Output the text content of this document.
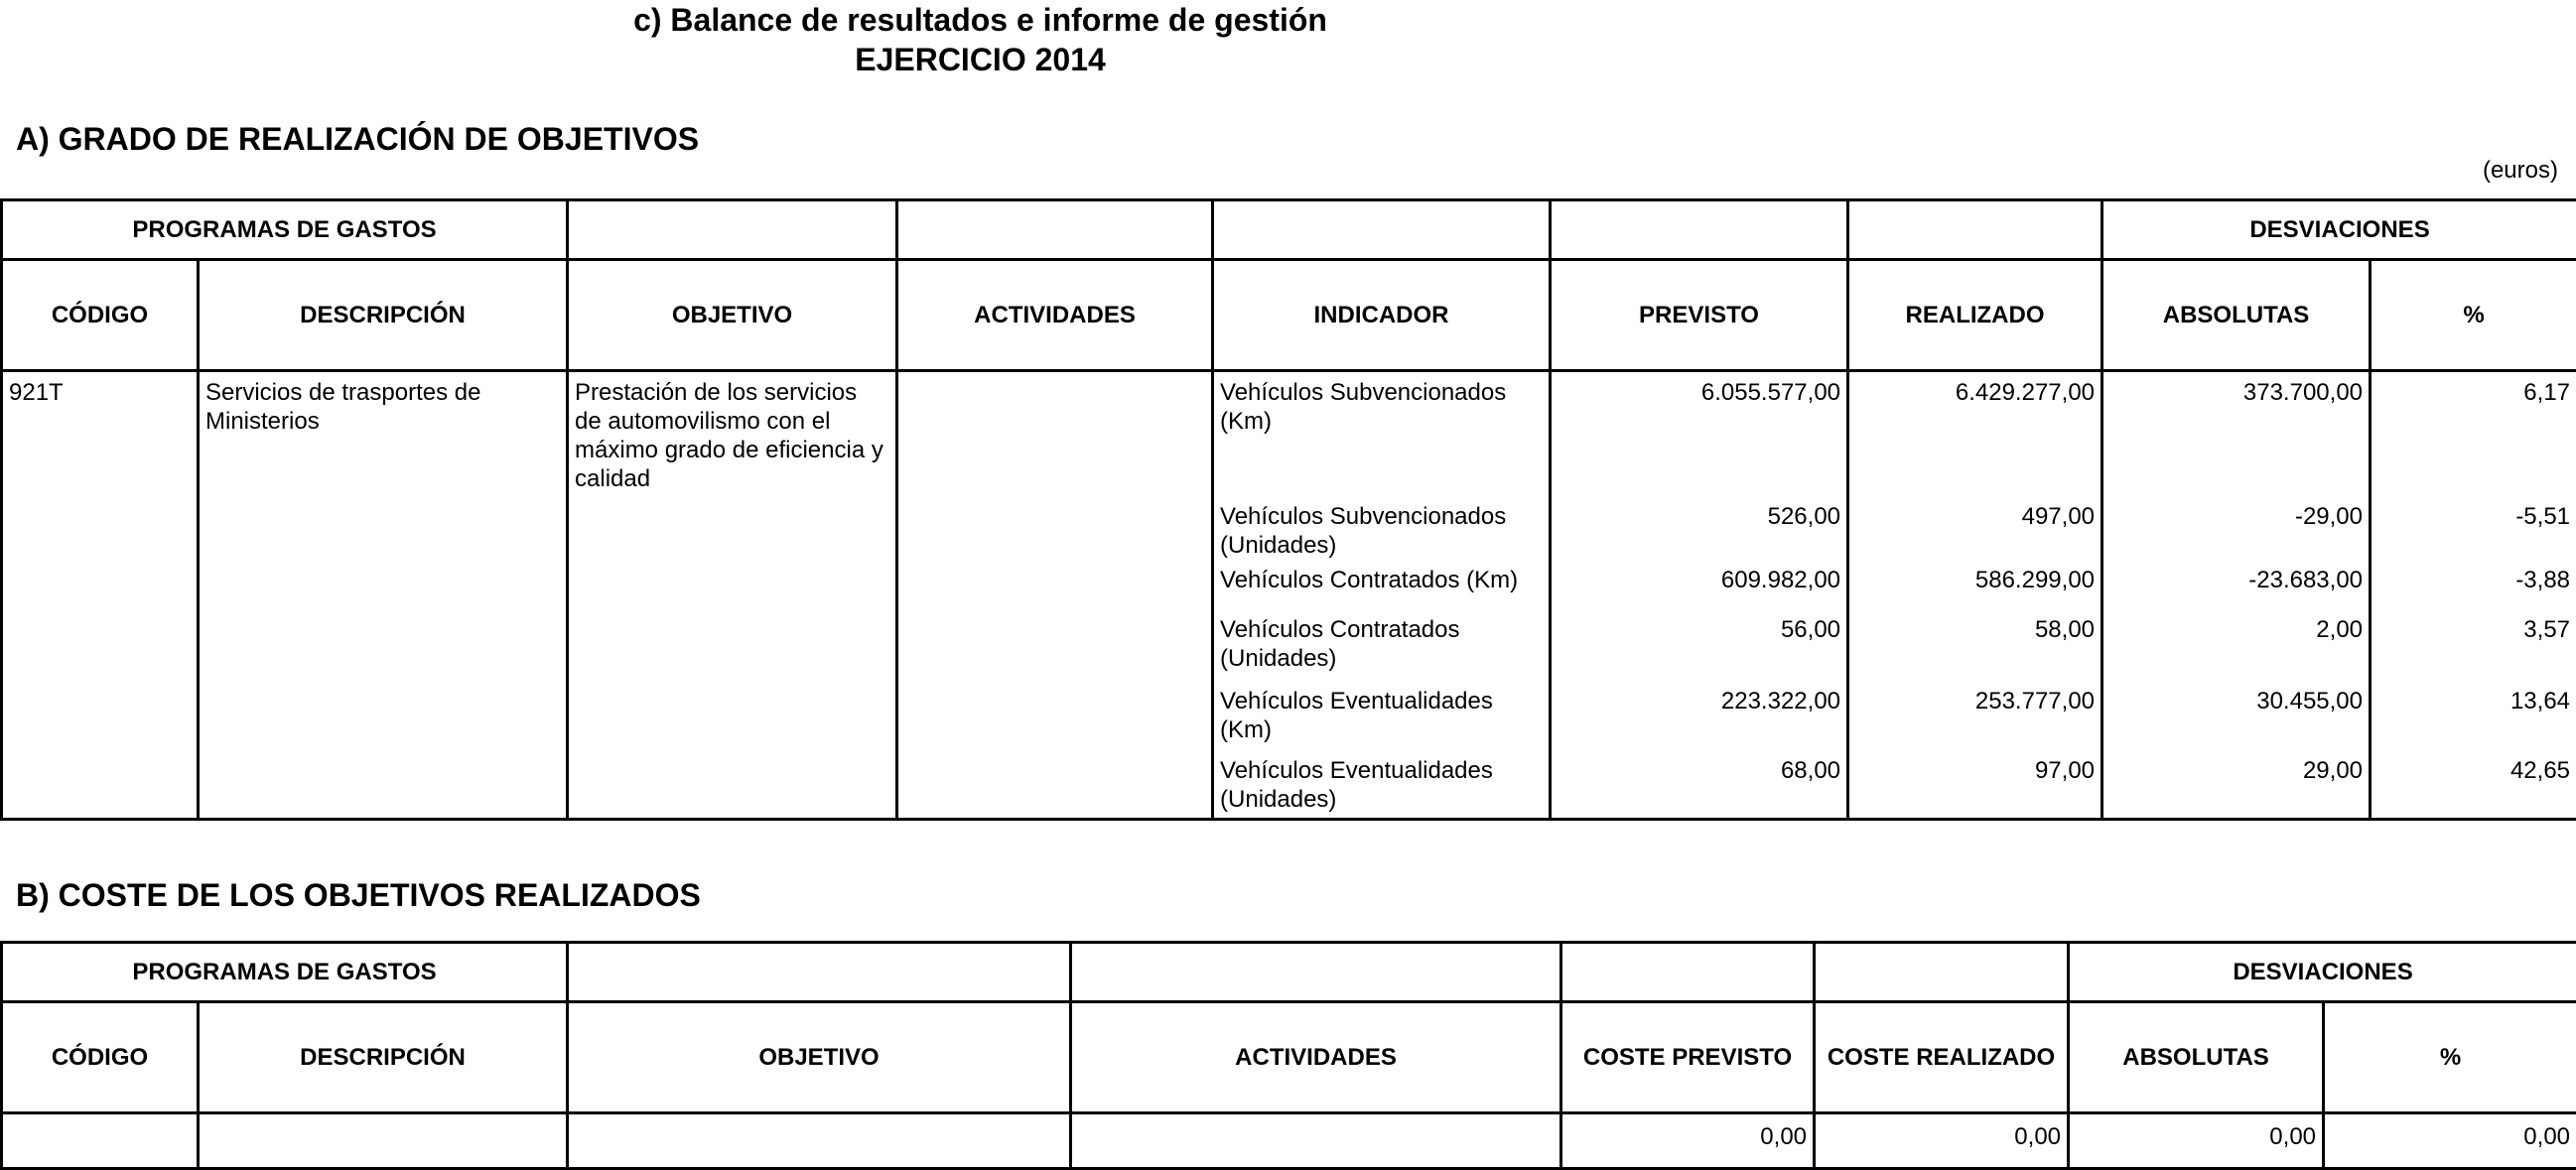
c) Balance de resultados e informe de gestión
EJERCICIO 2014
A) GRADO DE REALIZACIÓN DE OBJETIVOS
(euros)
PROGRAMAS DE GASTOS							DESVIACIONES	
CÓDIGO	DESCRIPCIÓN	OBJETIVO	ACTIVIDADES	INDICADOR	PREVISTO	REALIZADO	ABSOLUTAS	%
921T	Servicios de trasportes de Ministerios	Prestación de los servicios de automovilismo con el máximo grado de eficiencia y calidad		Vehículos Subvencionados (Km)	6.055.577,00	6.429.277,00	373.700,00	6,17
				Vehículos Subvencionados (Unidades)	526,00	497,00	-29,00	-5,51
				Vehículos Contratados (Km)	609.982,00	586.299,00	-23.683,00	-3,88
				Vehículos Contratados (Unidades)	56,00	58,00	2,00	3,57
				Vehículos Eventualidades (Km)	223.322,00	253.777,00	30.455,00	13,64
				Vehículos Eventualidades (Unidades)	68,00	97,00	29,00	42,65
B) COSTE DE LOS OBJETIVOS REALIZADOS
PROGRAMAS DE GASTOS						DESVIACIONES	
CÓDIGO	DESCRIPCIÓN	OBJETIVO	ACTIVIDADES	COSTE PREVISTO	COSTE REALIZADO	ABSOLUTAS	%
				0,00	0,00	0,00	0,00
